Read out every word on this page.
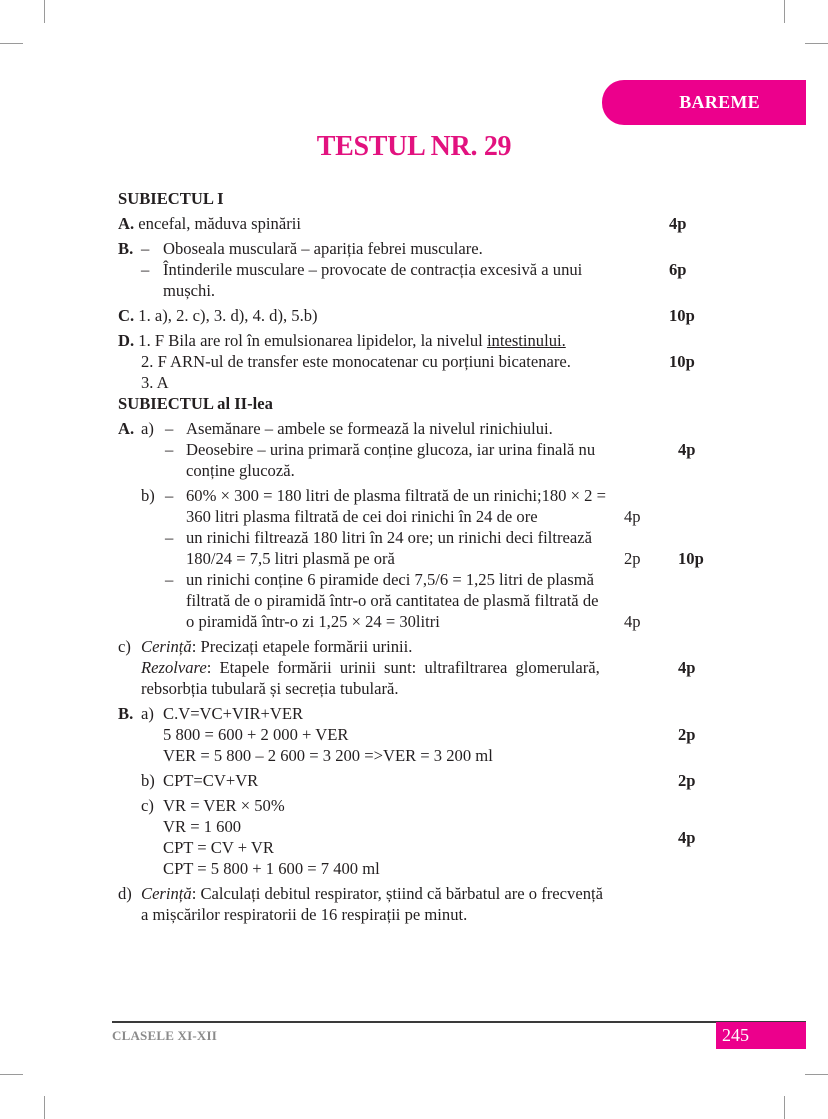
BAREME
TESTUL NR. 29
SUBIECTUL I
A. encefal, măduva spinării	4p
B. – Oboseala musculară – apariția febrei musculare.
– Întinderile musculare – provocate de contracția excesivă a unui	6p
mușchi.
C. 1. a), 2. c), 3. d), 4. d), 5.b)	10p
D. 1. F Bila are rol în emulsionarea lipidelor, la nivelul intestinului.
2. F ARN-ul de transfer este monocatenar cu porțiuni bicatenare.	10p
3. A
SUBIECTUL al II-lea
A. a) – Asemănare – ambele se formează la nivelul rinichiului.
– Deosebire – urina primară conține glucoza, iar urina finală nu	4p
conține glucoză.
b) – 60% × 300 = 180 litri de plasma filtrată de un rinichi;180 × 2 =
360 litri plasma filtrată de cei doi rinichi în 24 de ore	4p
– un rinichi filtrează 180 litri în 24 ore; un rinichi deci filtrează
180/24 = 7,5 litri plasmă pe oră	2p 10p
– un rinichi conține 6 piramide deci 7,5/6 = 1,25 litri de plasmă
filtrată de o piramidă într-o oră cantitatea de plasmă filtrată de
o piramidă într-o zi 1,25 × 24 = 30litri	4p
c) Cerință: Precizați etapele formării urinii.
Rezolvare: Etapele formării urinii sunt: ultrafiltrarea glomerulară,	4p
rebsorbția tubulară și secreția tubulară.
B. a) C.V=VC+VIR+VER
5 800 = 600 + 2 000 + VER	2p
VER = 5 800 – 2 600 = 3 200 =>VER = 3 200 ml
b) CPT=CV+VR	2p
c) VR = VER × 50%
VR = 1 600
CPT = CV + VR
CPT = 5 800 + 1 600 = 7 400 ml
4p
d) Cerință: Calculați debitul respirator, știind că bărbatul are o frecvență
a mișcărilor respiratorii de 16 respirații pe minut.
CLASELE XI-XII	245
